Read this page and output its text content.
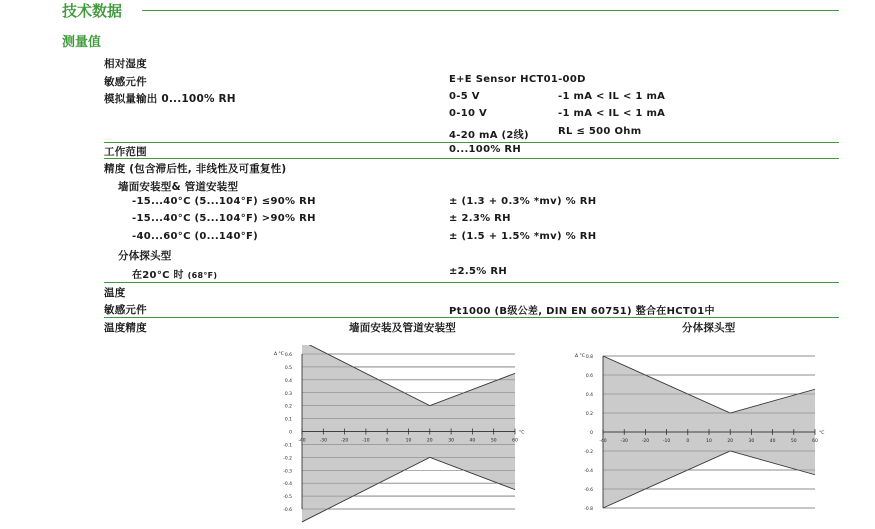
技术数据
测量值
相对湿度
敏感元件	E+E Sensor HCT01-00D
模拟量输出 0...100% RH	0-5 V	-1 mA < IL < 1 mA
0-10 V	-1 mA < IL < 1 mA
4-20 mA (2线)	RL ≤ 500 Ohm
工作范围	0...100% RH
精度 (包含滞后性, 非线性及可重复性)
墙面安装型& 管道安装型
-15...40°C (5...104°F) ≤90% RH	± (1.3 + 0.3% *mv) % RH
-15...40°C (5...104°F) >90% RH	± 2.3% RH
-40...60°C (0...140°F)	± (1.5 + 1.5% *mv) % RH
分体探头型
在20°C 时 (68°F)	±2.5% RH
温度
敏感元件	Pt1000 (B级公差, DIN EN 60751) 整合在HCT01中
温度精度	墙面安装及管道安装型	分体探头型
0.6
0.5
0.4
0.3
0.2
0.1
0
-0.1
-0.2
-0.3
-0.4
-0.5
-0.6
-40	-30	-20	-10	0	10	20	30	40	50	60
Δ °C
°C
0.8
0.6
0.4
0.2
0
-0.2
-0.4
-0.6
-0.8
-40	-30	-20	-10	0	10	20	30	40	50	60
Δ °C
°C
